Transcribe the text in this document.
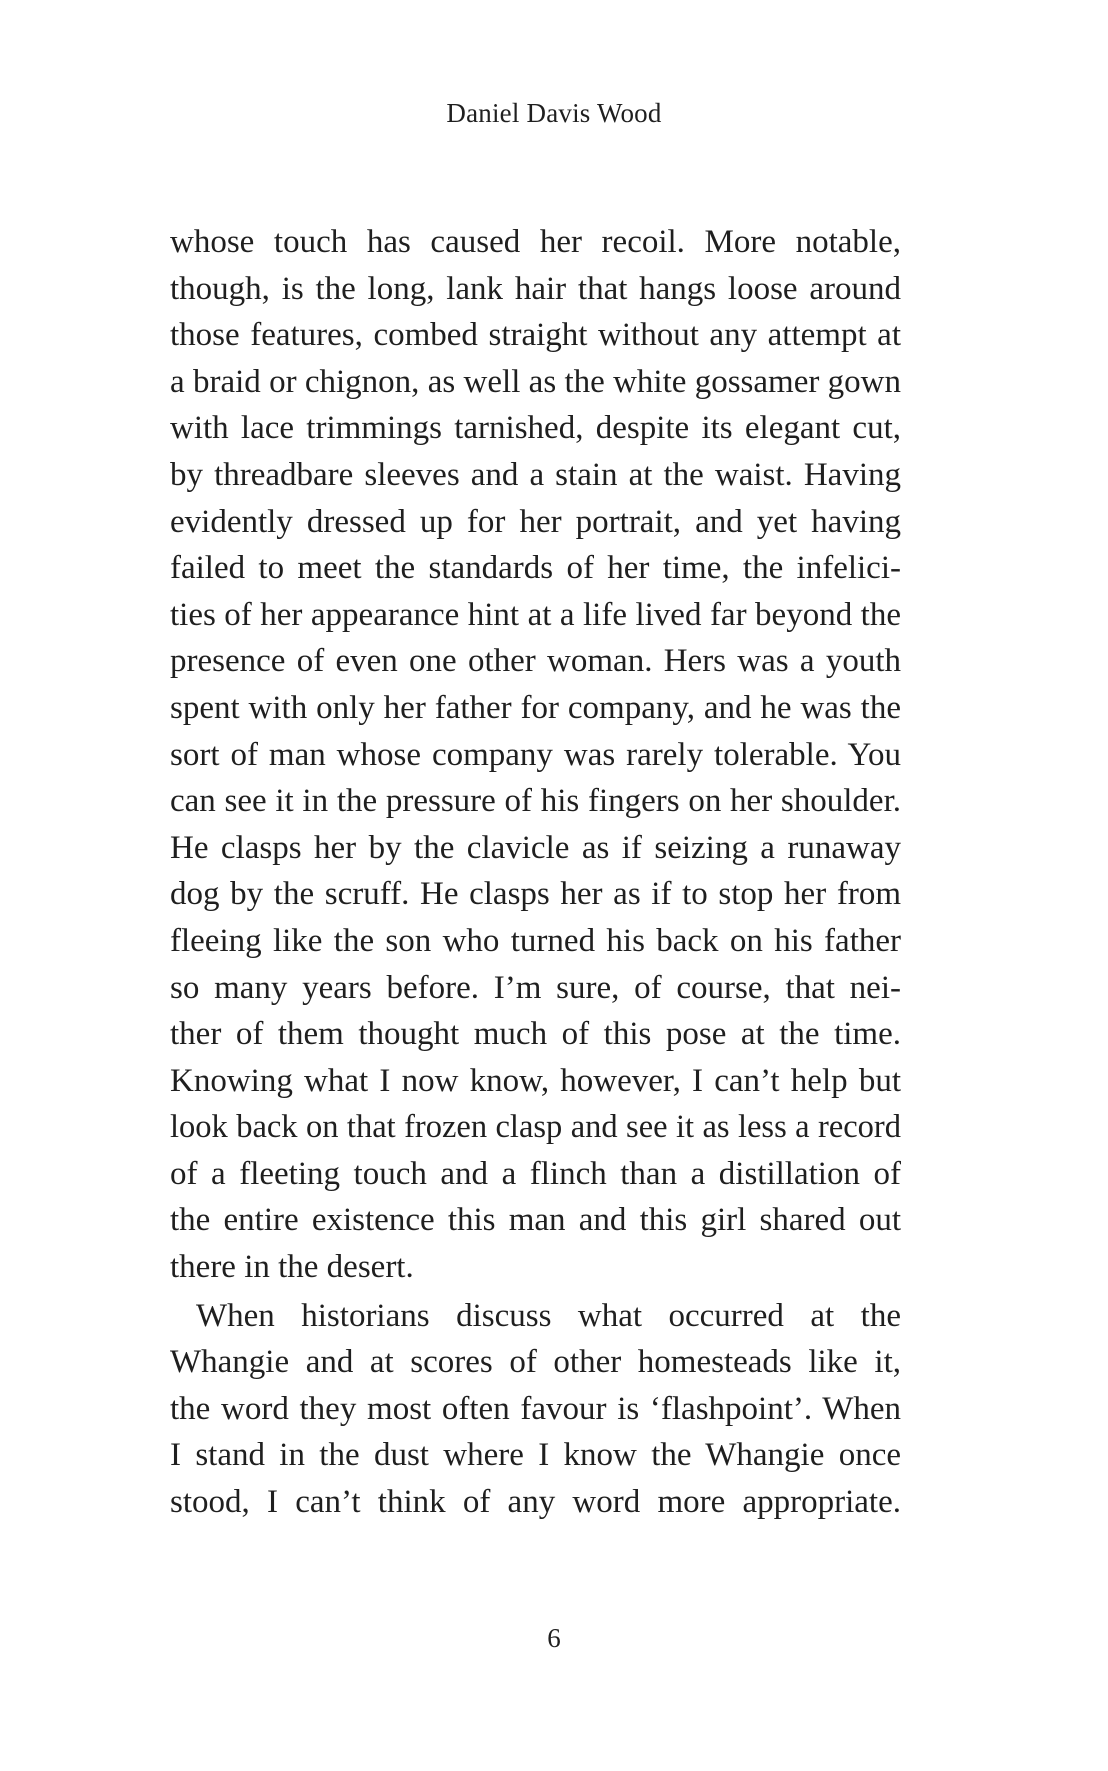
Daniel Davis Wood
whose touch has caused her recoil. More notable,
though, is the long, lank hair that hangs loose around
those features, combed straight without any attempt at
a braid or chignon, as well as the white gossamer gown
with lace trimmings tarnished, despite its elegant cut,
by threadbare sleeves and a stain at the waist. Having
evidently dressed up for her portrait, and yet having
failed to meet the standards of her time, the infelici-
ties of her appearance hint at a life lived far beyond the
presence of even one other woman. Hers was a youth
spent with only her father for company, and he was the
sort of man whose company was rarely tolerable. You
can see it in the pressure of his fingers on her shoulder.
He clasps her by the clavicle as if seizing a runaway
dog by the scruff. He clasps her as if to stop her from
fleeing like the son who turned his back on his father
so many years before. I’m sure, of course, that nei-
ther of them thought much of this pose at the time.
Knowing what I now know, however, I can’t help but
look back on that frozen clasp and see it as less a record
of a fleeting touch and a flinch than a distillation of
the entire existence this man and this girl shared out
there in the desert.
When historians discuss what occurred at the
Whangie and at scores of other homesteads like it,
the word they most often favour is ‘flashpoint’. When
I stand in the dust where I know the Whangie once
stood, I can’t think of any word more appropriate.
6
